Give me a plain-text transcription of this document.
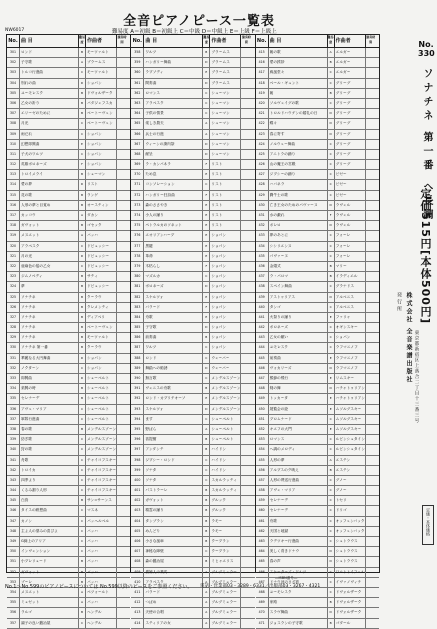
全音ピアノピース一覧表
難易度 A＝初級 B＝初級上 C＝中級 D＝中級上 E＝上級 F＝上級上
NW6017
No. 曲 目
難易度 作曲者
演奏時間
301	ロンド	B	モーツァルト
302	子守歌	A	ブラームス
303	トルコ行進曲	C	モーツァルト
304	別れの曲	D	ショパン
305	ユーモレスク	B	ドヴォルザーク
306	乙女の祈り	B	バダジェフスカ
307	エリーゼのために	B	ベートーヴェン
308	月光	C	ベートーヴェン
309	雨だれ	C	ショパン
310	幻想即興曲	E	ショパン
311	子犬のワルツ	C	ショパン
312	英雄ポロネーズ	F	ショパン
313	トロイメライ	B	シューマン
314	愛の夢	D	リスト
315	花の歌	B	ランゲ
316	人形の夢と目覚め	B	オースティン
317	カッコウ	A	ダカン
318	ガヴォット	B	ゴセック
319	メヌエット	A	バッハ
320	アラベスク	C	ドビュッシー
321	月の光	D	ドビュッシー
322	亜麻色の髪の乙女	C	ドビュッシー
323	ジムノペディ	B	サティ
324	夢	B	ドビュッシー
325	ソナチネ	B	クーラウ
326	ソナチネ	B	クレメンティ
327	ソナチネ	B	ディアベリ
328	ソナチネ	B	ベートーヴェン
329	ソナチネ	B	モーツァルト
330	ソナチネ 第一番	B	クーラウ
331	華麗なる大円舞曲	D	ショパン
332	ノクターン	C	ショパン
333	即興曲	D	シューベルト
334	楽興の時	B	シューベルト
335	セレナーデ	B	シューベルト
336	アヴェ・マリア	C	シューベルト
337	軍隊行進曲	C	シューベルト
338	春の歌	B	メンデルスゾーン
339	紡ぎ歌	C	メンデルスゾーン
340	狩の歌	C	メンデルスゾーン
341	舟歌	C	チャイコフスキー
342	トロイカ	C	チャイコフスキー
343	四季より	C	チャイコフスキー
344	くるみ割り人形	C	チャイコフスキー
345	白鳥	B	サン=サーンス
346	タイスの瞑想曲	C	マスネ
347	カノン	C	パッヘルベル
348	主よ人の望みの喜びよ	C	バッハ
349	G線上のアリア	C	バッハ
350	インヴェンション	C	バッハ
351	小プレリュード	B	バッハ
352	ガヴォット	B	バッハ
353	ブーレ	B	バッハ
354	メヌエット	A	ペツォールト
355	ミュゼット	A	バッハ
356	ラルゴ	B	ヘンデル
357	調子の良い鍛冶屋	C	ヘンデル
No. 曲 目
難易度 作曲者
演奏時間
358	ワルツ	B	ブラームス
359	ハンガリー舞曲	D	ブラームス
360	ラプソディ	E	ブラームス
361	間奏曲	D	ブラームス
362	ロマンス	C	シューマン
363	アラベスク	C	シューマン
364	子供の情景	C	シューマン
365	楽しき農夫	A	シューマン
366	兵士の行進	A	シューマン
367	ウィーンの謝肉祭	D	シューマン
368	献呈	D	シューマン
369	ラ・カンパネラ	F	リスト
370	ため息	E	リスト
371	コンソレーション	C	リスト
372	ハンガリー狂詩曲	F	リスト
373	森のささやき	E	リスト
374	小人の踊り	E	リスト
375	ペトラルカのソネット	E	リスト
376	エオリアンハープ	E	ショパン
377	黒鍵	E	ショパン
378	革命	E	ショパン
379	木枯らし	F	ショパン
380	マズルカ	C	ショパン
381	ポロネーズ	D	ショパン
382	スケルツォ	E	ショパン
383	バラード	F	ショパン
384	舟歌	E	ショパン
385	子守歌	D	ショパン
386	前奏曲	B	ショパン
387	ワルツ	C	ショパン
388	ロンド	C	ウェーバー
389	舞踏への勧誘	D	ウェーバー
390	無言歌	C	メンデルスゾーン
391	ヴェニスの舟歌	B	メンデルスゾーン
392	ロンド・カプリチオーソ	E	メンデルスゾーン
393	スケルツォ	D	メンデルスゾーン
394	ます	C	シューベルト
395	野ばら	A	シューベルト
396	菩提樹	B	シューベルト
397	アンダンテ	B	ハイドン
398	ジプシー・ロンド	C	ハイドン
399	ソナタ	C	ハイドン
400	ソナタ	C	スカルラッティ
401	パストラーレ	B	スカルラッティ
402	ガヴォット	B	グルック
403	精霊の踊り	B	グルック
404	タンブラン	B	ラモー
405	めんどり	B	ラモー
406	小さな風車	B	クープラン
407	神秘な障壁	C	クープラン
408	森の鍛冶屋	B	ミヒャエリス
409	貴婦人の乗馬	A	ブルグミュラー
410	アラベスク	A	ブルグミュラー
411	バラード	A	ブルグミュラー
412	つばめ	A	ブルグミュラー
413	天使の合唱	A	ブルグミュラー
414	スティリアの女	A	ブルグミュラー
No. 曲 目
難易度 作曲者
演奏時間
415	朝の歌	A	エルガー
416	愛の挨拶	B	エルガー
417	威風堂々	C	エルガー
418	ペール・ギュント	C	グリーグ
419	朝	B	グリーグ
420	ソルヴェイグの歌	C	グリーグ
421	トロルドハウゲンの婚礼の日	D	グリーグ
422	蝶々	D	グリーグ
423	春に寄す	D	グリーグ
424	ノルウェー舞曲	C	グリーグ
425	アニトラの踊り	C	グリーグ
426	山の魔王の宮殿	C	グリーグ
427	ジプシーの踊り	C	ビゼー
428	ハバネラ	C	ビゼー
429	闘牛士の歌	C	ビゼー
430	亡き王女のためのパヴァーヌ	D	ラヴェル
431	水の戯れ	F	ラヴェル
432	ボレロ	D	ラヴェル
433	夢のあとに	C	フォーレ
434	シシリエンヌ	C	フォーレ
435	パヴァーヌ	C	フォーレ
436	金婚式	B	マリー
437	ラ・パロマ	B	イラディエル
438	スペイン舞曲	C	グラナドス
439	アストゥリアス	D	アルベニス
440	タンゴ	C	アルベニス
441	火祭りの踊り	E	ファリャ
442	ポロネーズ	C	オギンスキー
443	乙女の願い	C	ショパン
444	ユモレスク	C	ラフマニノフ
445	前奏曲	E	ラフマニノフ
446	ヴォカリーズ	D	ラフマニノフ
447	熊蜂の飛行	E	リムスキー
448	剣の舞	D	ハチャトゥリアン
449	トッカータ	E	ハチャトゥリアン
450	展覧会の絵	E	ムソルグスキー
451	プロムナード	C	ムソルグスキー
452	キエフの大門	E	ムソルグスキー
453	ロマンス	C	ルビンシュタイン
454	へ調のメロディ	C	ルビンシュタイン
455	人形の夢	A	エステン
456	アルプスの夕映え	B	エステン
457	人形の葬送行進曲	C	グノー
458	アヴェ・マリア	C	グノー
459	セレナーデ	C	トセリ
460	セレナーデ	C	ドリゴ
461	舟歌	C	オッフェンバック
462	天国と地獄	C	オッフェンバック
463	ラデツキー行進曲	C	シュトラウス
464	美しく青きドナウ	D	シュトラウス
465	春の声	D	シュトラウス
466	スケーターズ・ワルツ	C	ワルトトイフェル
467	ドナウ河のさざ波	C	イヴァノヴィチ
468	ユーモレスク	C	ドヴォルザーク
469	家路	B	ドヴォルザーク
470	スラヴ舞曲	D	ドヴォルザーク
471	ジョスランの子守歌	B	ゴダール
No.
330
ソナチネ 第一番 へ長調
定価515円[本体500円]
発行所 株式会社 全音楽譜出版社 東京都新宿区上落合二丁目十三番三号
定価・本体価格
No.1～No.599のピアノピースについては No.599以降のピースをご参照ください。
―ISBN番号―
電話・営業部03・3289・6331／出版部03・3267・4321
